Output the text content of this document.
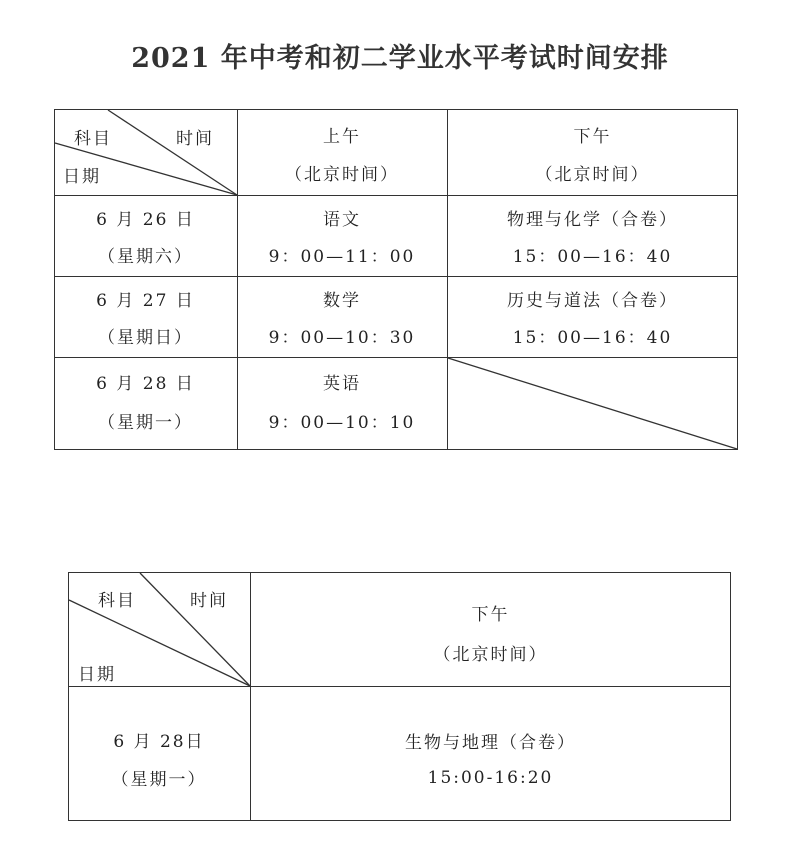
2021 年中考和初二学业水平考试时间安排
科目	时间
日期
上午
（北京时间）
下午
（北京时间）
6 月 26 日
（星期六）
语文
9：00—11：00
物理与化学（合卷）
15：00—16：40
6 月 27 日
（星期日）
数学
9：00—10：30
历史与道法（合卷）
15：00—16：40
6 月 28 日
（星期一）
英语
9：00—10：10
科目	时间
日期
下午
（北京时间）
6 月 28日
（星期一）
生物与地理（合卷）
15:00-16:20
